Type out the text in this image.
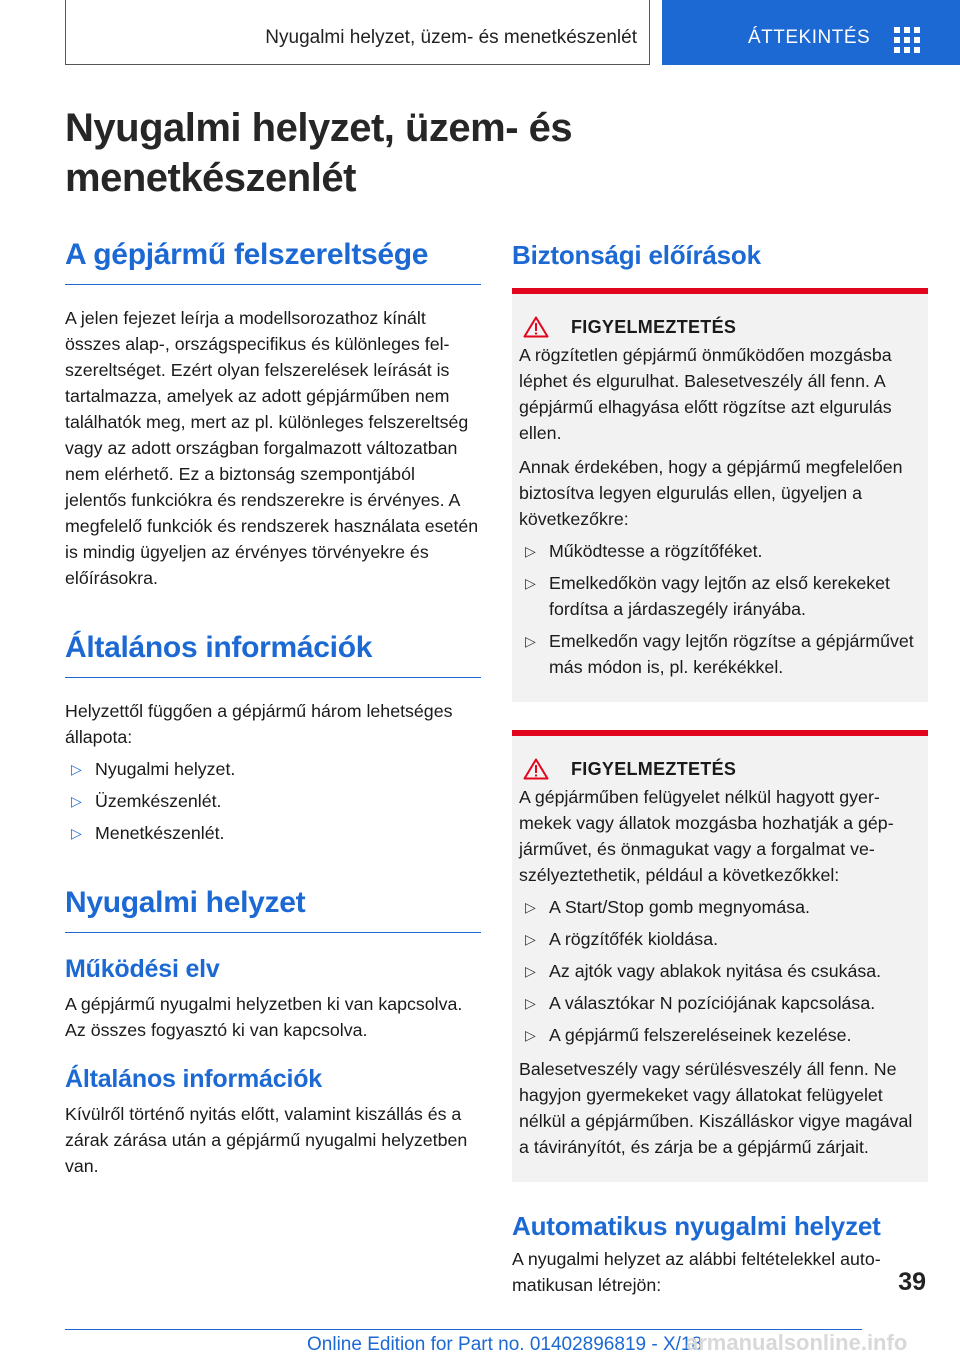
Nyugalmi helyzet, üzem- és menetkészenlét	ÁTTEKINTÉS
Nyugalmi helyzet, üzem- és menetkészenlét
A gépjármű felszereltsége

A jelen fejezet leírja a modellsorozathoz kínált összes alap-, országspecifikus és különleges felszereltséget. Ezért olyan felszerelések leírását is tartalmazza, amelyek az adott gépjárműben nem találhatók meg, mert az pl. különleges felszereltség vagy az adott országban forgalmazott változatban nem elérhető. Ez a biztonság szempontjából jelentős funkciókra és rendszerekre is érvényes. A megfelelő funkciók és rendszerek használata esetén is mindig ügyeljen az érvényes törvényekre és előírásokra.

Általános információk

Helyzettől függően a gépjármű három lehetséges állapota:

▷ Nyugalmi helyzet.
▷ Üzemkészenlét.
▷ Menetkészenlét.
Nyugalmi helyzet
Működési elv

A gépjármű nyugalmi helyzetben ki van kapcsolva. Az összes fogyasztó ki van kapcsolva.

Általános információk

Kívülről történő nyitás előtt, valamint kiszállás és a zárak zárása után a gépjármű nyugalmi helyzetben van.

Biztonsági előírások
FIGYELMEZTETÉS

A rögzítetlen gépjármű önműködően mozgásba léphet és elgurulhat. Balesetveszély áll fenn. A gépjármű elhagyása előtt rögzítse azt elgurulás ellen.

Annak érdekében, hogy a gépjármű megfelelően biztosítva legyen elgurulás ellen, ügyeljen a következőkre:

▷ Működtesse a rögzítőféket.
▷ Emelkedőkön vagy lejtőn az első kerekeket fordítsa a járdaszegély irányába.
▷ Emelkedőn vagy lejtőn rögzítse a gépjárművet más módon is, pl. kerékékkel.
FIGYELMEZTETÉS

A gépjárműben felügyelet nélkül hagyott gyermekek vagy állatok mozgásba hozhatják a gépjárművet, és önmagukat vagy a forgalmat veszélyeztethetik, például a következőkkel:

▷ A Start/Stop gomb megnyomása.
▷ A rögzítőfék kioldása.
▷ Az ajtók vagy ablakok nyitása és csukása.
▷ A választókar N pozíciójának kapcsolása.
▷ A gépjármű felszereléseinek kezelése.

Balesetveszély vagy sérülésveszély áll fenn. Ne hagyjon gyermekeket vagy állatokat felügyelet nélkül a gépjárműben. Kiszálláskor vigye magával a távirányítót, és zárja be a gépjármű zárjait.

Automatikus nyugalmi helyzet

A nyugalmi helyzet az alábbi feltételekkel automatikusan létrejön:	39
Online Edition for Part no. 01402896819 - X/18
armanualsonline.info
